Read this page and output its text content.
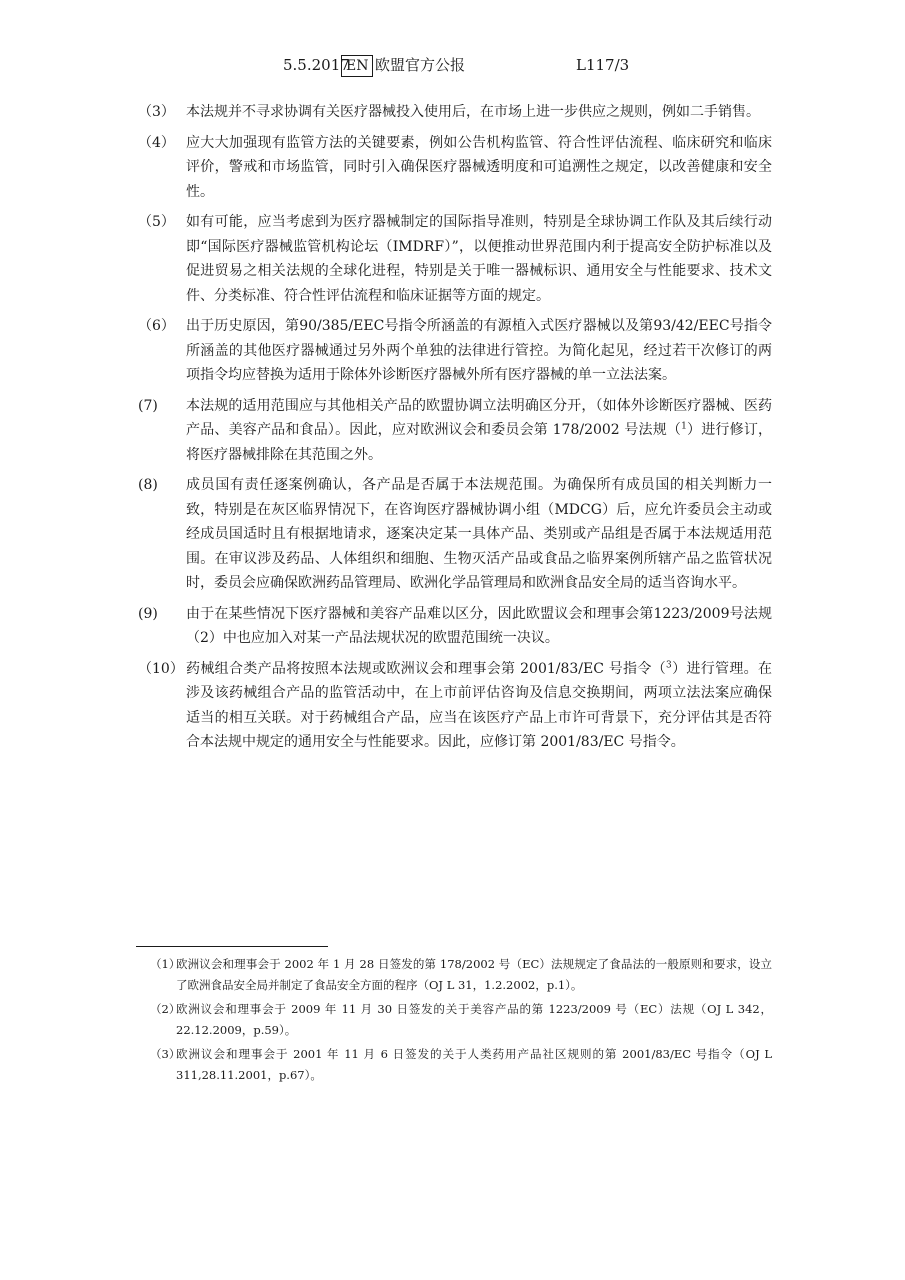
5.5.2017
EN 欧盟官方公报	L117/3
（3） 本法规并不寻求协调有关医疗器械投入使用后，在市场上进一步供应之规则，例如二手销售。
（4） 应大大加强现有监管方法的关键要素，例如公告机构监管、符合性评估流程、临床研究和临床评价，警戒和市场监管，同时引入确保医疗器械透明度和可追溯性之规定，以改善健康和安全性。
（5） 如有可能，应当考虑到为医疗器械制定的国际指导准则，特别是全球协调工作队及其后续行动即“国际医疗器械监管机构论坛（IMDRF）”，以便推动世界范围内利于提高安全防护标准以及促进贸易之相关法规的全球化进程，特别是关于唯一器械标识、通用安全与性能要求、技术文件、分类标准、符合性评估流程和临床证据等方面的规定。
（6） 出于历史原因，第90/385/EEC号指令所涵盖的有源植入式医疗器械以及第93/42/EEC号指令所涵盖的其他医疗器械通过另外两个单独的法律进行管控。为简化起见，经过若干次修订的两项指令均应替换为适用于除体外诊断医疗器械外所有医疗器械的单一立法法案。
(7)	本法规的适用范围应与其他相关产品的欧盟协调立法明确区分开，（如体外诊断医疗器械、医药产品、美容产品和食品）。因此，应对欧洲议会和委员会第 178/2002 号法规（$^1$）进行修订，将医疗器械排除在其范围之外。
(8)	成员国有责任逐案例确认，各产品是否属于本法规范围。为确保所有成员国的相关判断力一致，特别是在灰区临界情况下，在咨询医疗器械协调小组（MDCG）后，应允许委员会主动或经成员国适时且有根据地请求，逐案决定某一具体产品、类别或产品组是否属于本法规适用范围。在审议涉及药品、人体组织和细胞、生物灭活产品或食品之临界案例所辖产品之监管状况时，委员会应确保欧洲药品管理局、欧洲化学品管理局和欧洲食品安全局的适当咨询水平。
(9)	由于在某些情况下医疗器械和美容产品难以区分，因此欧盟议会和理事会第1223/2009号法规（2）中也应加入对某一产品法规状况的欧盟范围统一决议。
（10） 药械组合类产品将按照本法规或欧洲议会和理事会第 2001/83/EC 号指令（$^3$）进行管理。在涉及该药械组合产品的监管活动中，在上市前评估咨询及信息交换期间，两项立法法案应确保适当的相互关联。对于药械组合产品，应当在该医疗产品上市许可背景下，充分评估其是否符合本法规中规定的通用安全与性能要求。因此，应修订第 2001/83/EC 号指令。
（1）
欧洲议会和理事会于 2002 年 1 月 28 日签发的第 178/2002 号（EC）法规规定了食品法的一般原则和要求，设立了欧洲食品安全局并制定了食品安全方面的程序（OJ L 31，1.2.2002，p.1）。
（2）
欧洲议会和理事会于 2009 年 11 月 30 日签发的关于美容产品的第 1223/2009 号（EC）法规（OJ L 342，22.12.2009，p.59）。
（3）
欧洲议会和理事会于 2001 年 11 月 6 日签发的关于人类药用产品社区规则的第 2001/83/EC 号指令（OJ L 311,28.11.2001，p.67）。
